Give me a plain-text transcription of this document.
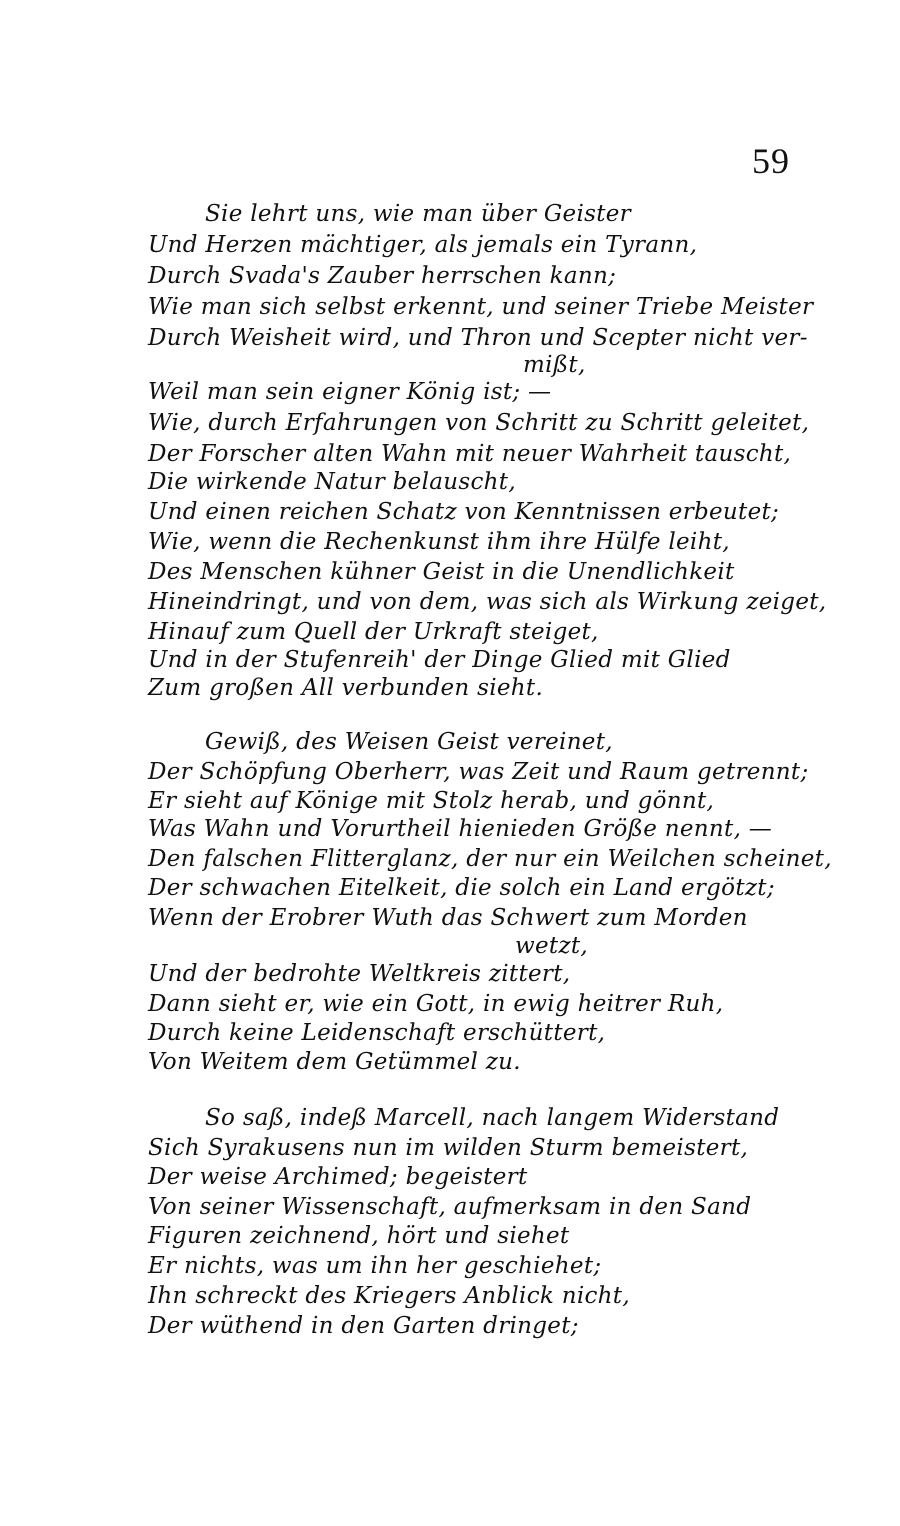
59
Sie lehrt uns, wie man über Geister
Und Herzen mächtiger, als jemals ein Tyrann,
Durch Svada's Zauber herrschen kann;
Wie man sich selbst erkennt, und seiner Triebe Meister
Durch Weisheit wird, und Thron und Scepter nicht ver-
mißt,
Weil man sein eigner König ist; —
Wie, durch Erfahrungen von Schritt zu Schritt geleitet,
Der Forscher alten Wahn mit neuer Wahrheit tauscht,
Die wirkende Natur belauscht,
Und einen reichen Schatz von Kenntnissen erbeutet;
Wie, wenn die Rechenkunst ihm ihre Hülfe leiht,
Des Menschen kühner Geist in die Unendlichkeit
Hineindringt, und von dem, was sich als Wirkung zeiget,
Hinauf zum Quell der Urkraft steiget,
Und in der Stufenreih' der Dinge Glied mit Glied
Zum großen All verbunden sieht.
Gewiß, des Weisen Geist vereinet,
Der Schöpfung Oberherr, was Zeit und Raum getrennt;
Er sieht auf Könige mit Stolz herab, und gönnt,
Was Wahn und Vorurtheil hienieden Größe nennt, —
Den falschen Flitterglanz, der nur ein Weilchen scheinet,
Der schwachen Eitelkeit, die solch ein Land ergötzt;
Wenn der Erobrer Wuth das Schwert zum Morden
wetzt,
Und der bedrohte Weltkreis zittert,
Dann sieht er, wie ein Gott, in ewig heitrer Ruh,
Durch keine Leidenschaft erschüttert,
Von Weitem dem Getümmel zu.
So saß, indeß Marcell, nach langem Widerstand
Sich Syrakusens nun im wilden Sturm bemeistert,
Der weise Archimed; begeistert
Von seiner Wissenschaft, aufmerksam in den Sand
Figuren zeichnend, hört und siehet
Er nichts, was um ihn her geschiehet;
Ihn schreckt des Kriegers Anblick nicht,
Der wüthend in den Garten dringet;
